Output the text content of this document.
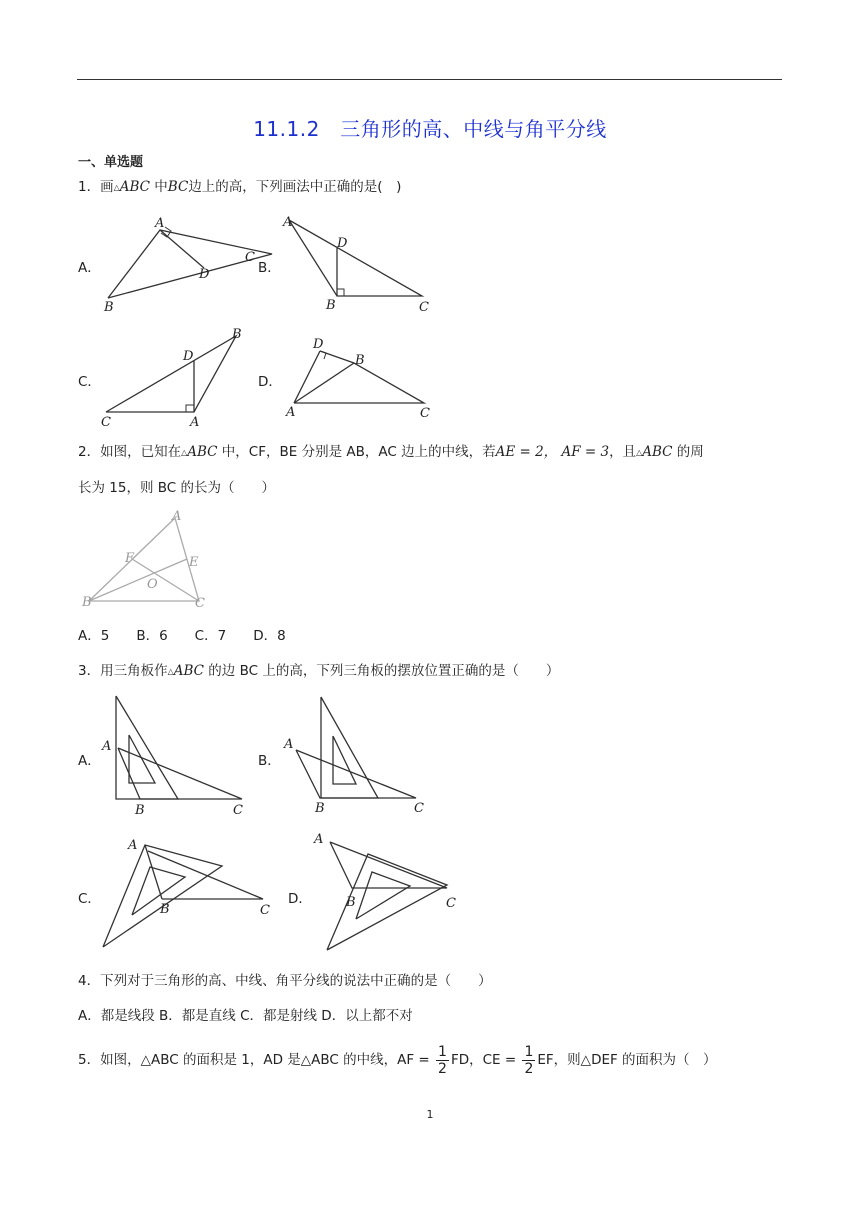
11.1.2　三角形的高、中线与角平分线
一、单选题
1．画△ABC 中BC边上的高，下列画法中正确的是(　)
A．
A
B
C
D	B．
A
B	C
D
C．
C	A
B
D
D．
D
B
A	C
2．如图，已知在△ABC 中，CF，BE 分别是 AB，AC 边上的中线，若AE = 2， AF = 3，且△ABC 的周
长为 15，则 BC 的长为（　　）
A
B	C
E
F
O
A．5　　B．6　　C．7　　D．8
3．用三角板作△ABC 的边 BC 上的高，下列三角板的摆放位置正确的是（　　）
A．
A
B	C
B．
A
B	C
C．
A
B	C
D．
A
B	C
4．下列对于三角形的高、中线、角平分线的说法中正确的是（　　）
A．都是线段 B．都是直线 C．都是射线 D．以上都不对
5．如图，△ABC 的面积是 1，AD 是△ABC 的中线，AF = $\frac{1}{2}$ FD，CE = $\frac{1}{2}$ EF，则△DEF 的面积为（　）
1
